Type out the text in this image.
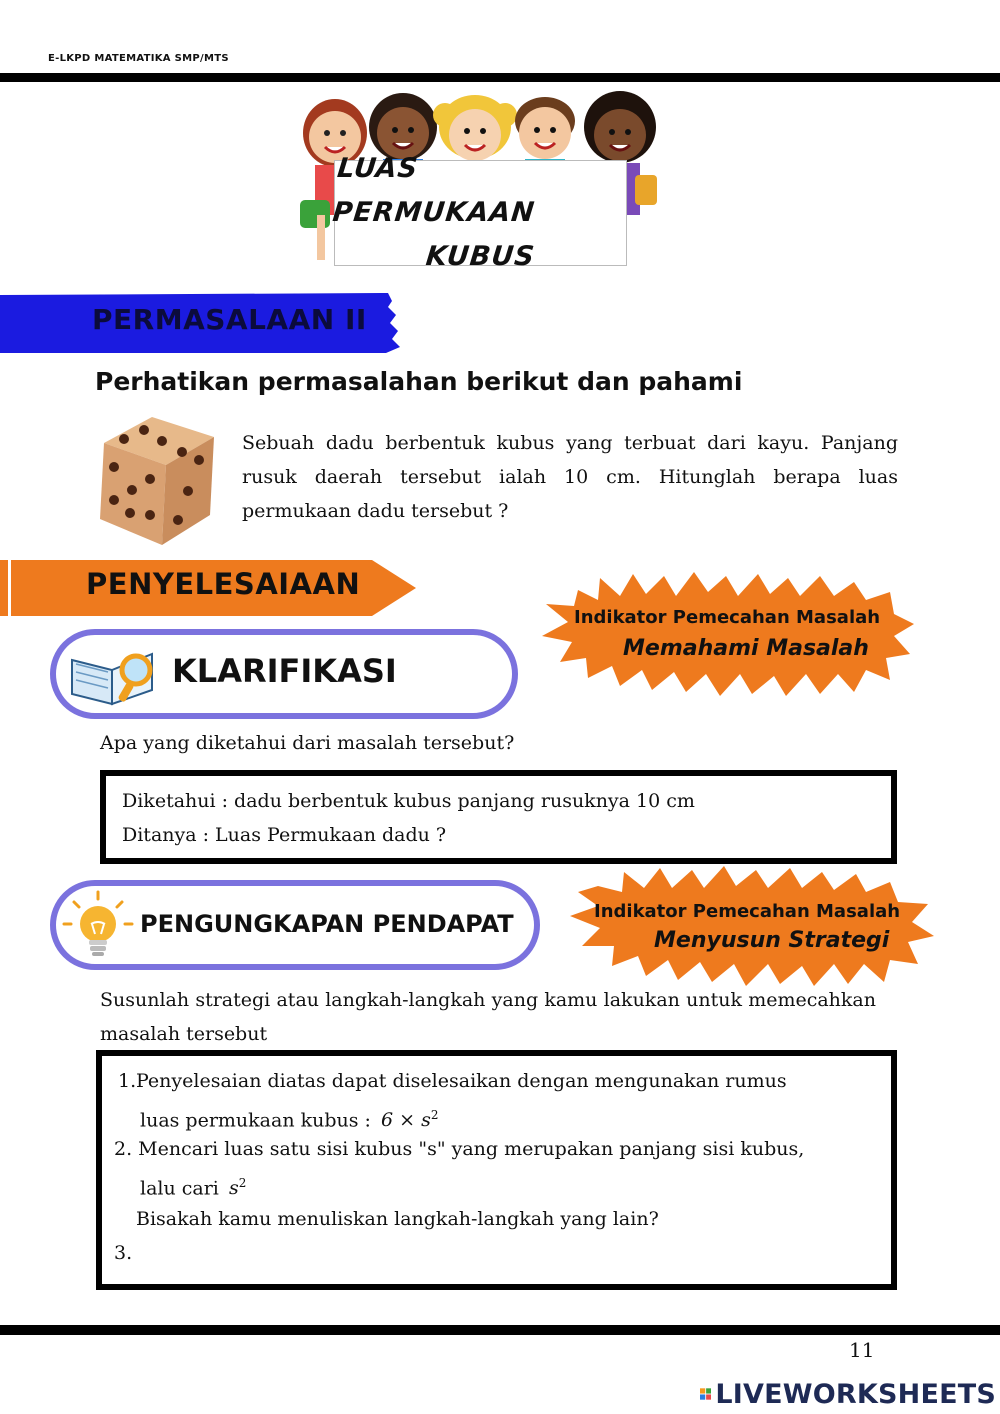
E-LKPD MATEMATIKA SMP/MTS
LUAS PERMUKAAN
KUBUS
PERMASALAAN II
Perhatikan permasalahan berikut dan pahami
Sebuah dadu berbentuk kubus yang terbuat dari kayu. Panjang rusuk daerah tersebut ialah 10 cm. Hitunglah berapa luas permukaan dadu tersebut ?
PENYELESAIAAN
Indikator Pemecahan Masalah
Memahami Masalah
KLARIFIKASI
Apa yang diketahui dari masalah tersebut?
Diketahui : dadu berbentuk kubus panjang rusuknya 10 cm
Ditanya : Luas Permukaan dadu ?
Indikator Pemecahan Masalah
Menyusun Strategi
PENGUNGKAPAN PENDAPAT
Susunlah strategi atau langkah-langkah yang kamu lakukan untuk memecahkan masalah tersebut
1. Penyelesaian diatas dapat diselesaikan dengan mengunakan rumus
luas permukaan kubus : $6 \times s^2$
2. Mencari luas satu sisi kubus "s" yang merupakan panjang sisi kubus,
lalu cari $s^2$
Bisakah kamu menuliskan langkah-langkah yang lain?
3.
11
LIVEWORKSHEETS
